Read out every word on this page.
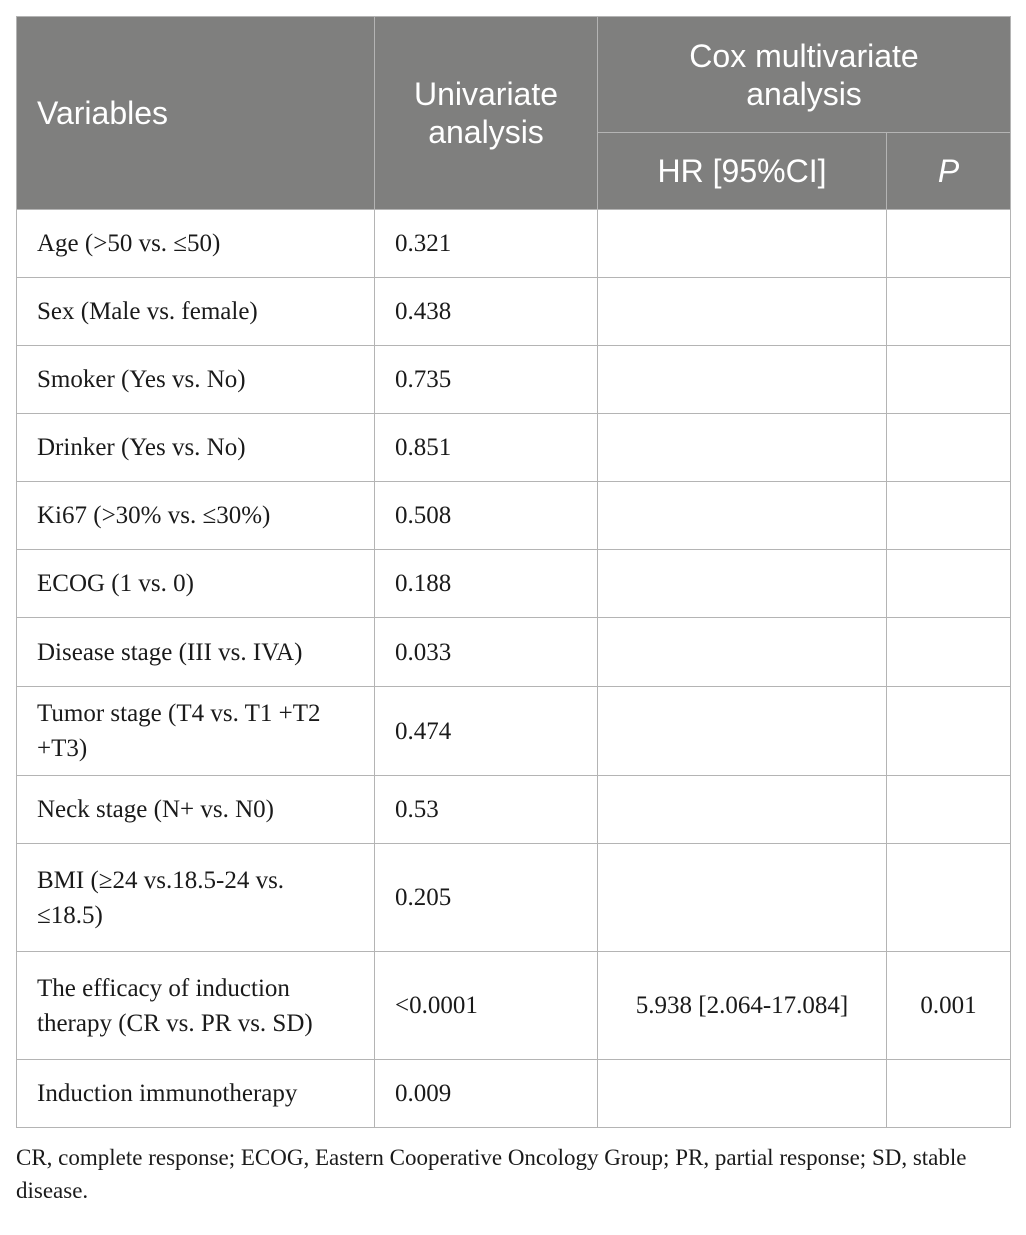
Variables	Univariate analysis	Cox multivariate analysis	

		HR [95%CI]	P
Age (>50 vs. ≤50)	0.321		
Sex (Male vs. female)	0.438		
Smoker (Yes vs. No)	0.735		
Drinker (Yes vs. No)	0.851		
Ki67 (>30% vs. ≤30%)	0.508		
ECOG (1 vs. 0)	0.188		
Disease stage (III vs. IVA)	0.033		
Tumor stage (T4 vs. T1 +T2 +T3)	0.474		
Neck stage (N+ vs. N0)	0.53		
BMI (≥24 vs.18.5-24 vs. ≤18.5)	0.205		
The efficacy of induction therapy (CR vs. PR vs. SD)	<0.0001	5.938 [2.064-17.084]	0.001
Induction immunotherapy	0.009		
CR, complete response; ECOG, Eastern Cooperative Oncology Group; PR, partial response; SD, stable disease.
